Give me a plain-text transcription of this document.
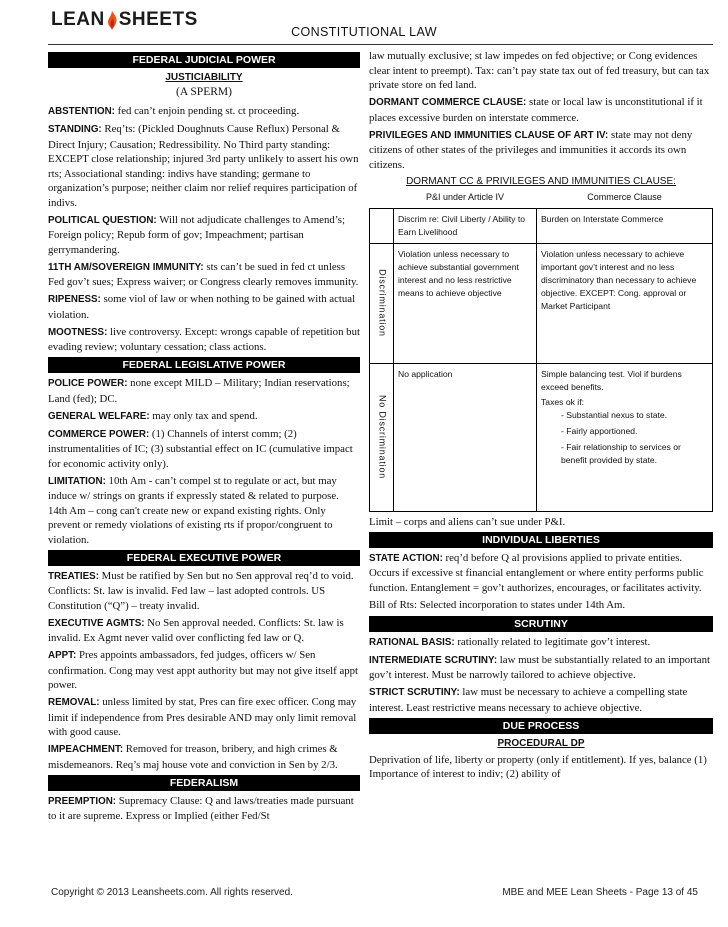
LEAN SHEETS
CONSTITUTIONAL LAW
FEDERAL JUDICIAL POWER
JUSTICIABILITY
(A SPERM)
ABSTENTION: fed can’t enjoin pending st. ct proceeding.
STANDING: Req’ts: (Pickled Doughnuts Cause Reflux) Personal & Direct Injury; Causation; Redressibility. No Third party standing: EXCEPT close relationship; injured 3rd party unlikely to assert his own rts; Associational standing: indivs have standing; germane to organization’s purpose; neither claim nor relief requires participation of indivs.
POLITICAL QUESTION: Will not adjudicate challenges to Amend’s; Foreign policy; Repub form of gov; Impeachment; partisan gerrymandering.
11TH AM/SOVEREIGN IMMUNITY: sts can’t be sued in fed ct unless Fed gov’t sues; Express waiver; or Congress clearly removes immunity.
RIPENESS: some viol of law or when nothing to be gained with actual violation.
MOOTNESS: live controversy. Except: wrongs capable of repetition but evading review; voluntary cessation; class actions.
FEDERAL LEGISLATIVE POWER
POLICE POWER: none except MILD – Military; Indian reservations; Land (fed); DC.
GENERAL WELFARE: may only tax and spend.
COMMERCE POWER: (1) Channels of interst comm; (2) instrumentalities of IC; (3) substantial effect on IC (cumulative impact for economic activity only).
LIMITATION: 10th Am - can’t compel st to regulate or act, but may induce w/ strings on grants if expressly stated & related to purpose. 14th Am – cong can't create new or expand existing rights. Only prevent or remedy violations of existing rts if propor/congruent to violation.
FEDERAL EXECUTIVE POWER
TREATIES: Must be ratified by Sen but no Sen approval req’d to void. Conflicts: St. law is invalid. Fed law – last adopted controls. US Constitution (“Q”) – treaty invalid.
EXECUTIVE AGMTS: No Sen approval needed. Conflicts: St. law is invalid. Ex Agmt never valid over conflicting fed law or Q.
APPT: Pres appoints ambassadors, fed judges, officers w/ Sen confirmation. Cong may vest appt authority but may not give itself appt power.
REMOVAL: unless limited by stat, Pres can fire exec officer. Cong may limit if independence from Pres desirable AND may only limit removal with good cause.
IMPEACHMENT: Removed for treason, bribery, and high crimes & misdemeanors. Req’s maj house vote and conviction in Sen by 2/3.
FEDERALISM
PREEMPTION: Supremacy Clause: Q and laws/treaties made pursuant to it are supreme. Express or Implied (either Fed/St
law mutually exclusive; st law impedes on fed objective; or Cong evidences clear intent to preempt). Tax: can’t pay state tax out of fed treasury, but can tax private store on fed land.
DORMANT COMMERCE CLAUSE: state or local law is unconstitutional if it places excessive burden on interstate commerce.
PRIVILEGES AND IMMUNITIES CLAUSE OF ART IV: state may not deny citizens of other states of the privileges and immunities it accords its own citizens.
DORMANT CC & PRIVILEGES AND IMMUNITIES CLAUSE:
	P&I under Article IV	Commerce Clause
	Discrim re: Civil Liberty / Ability to Earn Livelihood	Burden on Interstate Commerce

Discrimination	Violation unless necessary to achieve substantial government interest and no less restrictive means to achieve objective	Violation unless necessary to achieve important gov’t interest and no less discriminatory than necessary to achieve objective. EXCEPT: Cong. approval or Market Participant

No Discrimination	No application	Simple balancing test. Viol if burdens exceed benefits.
Taxes ok if:
- Substantial nexus to state.
- Fairly apportioned.
- Fair relationship to services or benefit provided by state.
Limit – corps and aliens can’t sue under P&I.
INDIVIDUAL LIBERTIES
STATE ACTION: req’d before Q al provisions applied to private entities. Occurs if excessive st financial entanglement or where entity performs public function. Entanglement = gov’t authorizes, encourages, or facilitates activity.
Bill of Rts: Selected incorporation to states under 14th Am.
SCRUTINY
RATIONAL BASIS: rationally related to legitimate gov’t interest.
INTERMEDIATE SCRUTINY: law must be substantially related to an important gov’t interest. Must be narrowly tailored to achieve objective.
STRICT SCRUTINY: law must be necessary to achieve a compelling state interest. Least restrictive means necessary to achieve objective.
DUE PROCESS
PROCEDURAL DP
Deprivation of life, liberty or property (only if entitlement). If yes, balance (1) Importance of interest to indiv; (2) ability of
Copyright © 2013 Leansheets.com. All rights reserved.	MBE and MEE Lean Sheets - Page 13 of 45
